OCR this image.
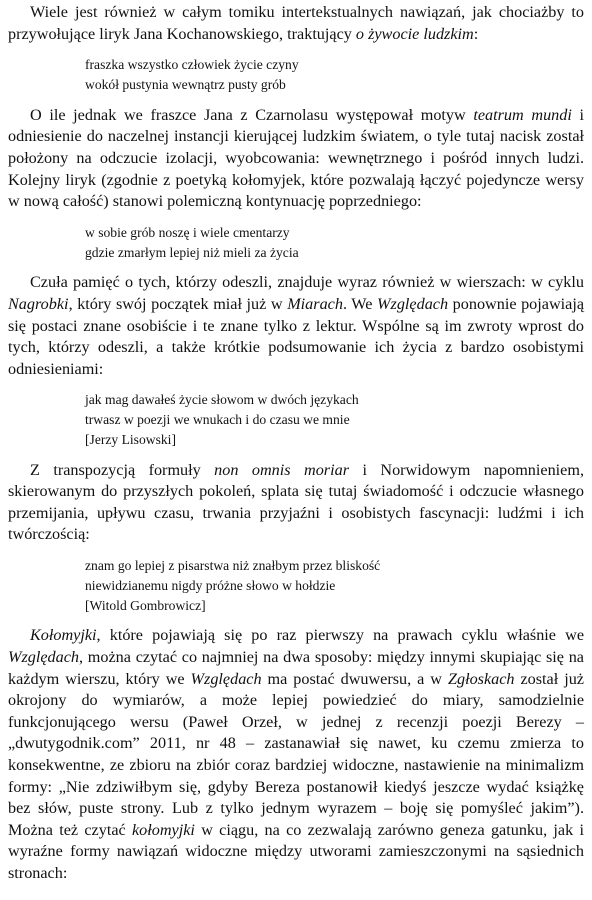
Wiele jest również w całym tomiku intertekstualnych nawiązań, jak chociażby to przywołujące liryk Jana Kochanowskiego, traktujący o żywocie ludzkim:

fraszka wszystko człowiek życie czyny
wokół pustynia wewnątrz pusty grób

O ile jednak we fraszce Jana z Czarnolasu występował motyw teatrum mundi i odniesienie do naczelnej instancji kierującej ludzkim światem, o tyle tutaj nacisk został położony na odczucie izolacji, wyobcowania: wewnętrznego i pośród innych ludzi. Kolejny liryk (zgodnie z poetyką kołomyjek, które pozwalają łączyć pojedyncze wersy w nową całość) stanowi polemiczną kontynuację poprzedniego:

w sobie grób noszę i wiele cmentarzy
gdzie zmarłym lepiej niż mieli za życia

Czuła pamięć o tych, którzy odeszli, znajduje wyraz również w wierszach: w cyklu Nagrobki, który swój początek miał już w Miarach. We Względach ponownie pojawiają się postaci znane osobiście i te znane tylko z lektur. Wspólne są im zwroty wprost do tych, którzy odeszli, a także krótkie podsumowanie ich życia z bardzo osobistymi odniesieniami:

jak mag dawałeś życie słowom w dwóch językach
trwasz w poezji we wnukach i do czasu we mnie
[Jerzy Lisowski]

Z transpozycją formuły non omnis moriar i Norwidowym napomnieniem, skierowanym do przyszłych pokoleń, splata się tutaj świadomość i odczucie własnego przemijania, upływu czasu, trwania przyjaźni i osobistych fascynacji: ludźmi i ich twórczością:

znam go lepiej z pisarstwa niż znałbym przez bliskość
niewidzianemu nigdy próżne słowo w hołdzie
[Witold Gombrowicz]

Kołomyjki, które pojawiają się po raz pierwszy na prawach cyklu właśnie we Względach, można czytać co najmniej na dwa sposoby: między innymi skupiając się na każdym wierszu, który we Względach ma postać dwuwersu, a w Zgłoskach został już okrojony do wymiarów, a może lepiej powiedzieć do miary, samodzielnie funkcjonującego wersu (Paweł Orzeł, w jednej z recenzji poezji Berezy – „dwutygodnik.com” 2011, nr 48 – zastanawiał się nawet, ku czemu zmierza to konsekwentne, ze zbioru na zbiór coraz bardziej widoczne, nastawienie na minimalizm formy: „Nie zdziwiłbym się, gdyby Bereza postanowił kiedyś jeszcze wydać książkę bez słów, puste strony. Lub z tylko jednym wyrazem – boję się pomyśleć jakim”). Można też czytać kołomyjki w ciągu, na co zezwalają zarówno geneza gatunku, jak i wyraźne formy nawiązań widoczne między utworami zamieszczonymi na sąsiednich stronach:
